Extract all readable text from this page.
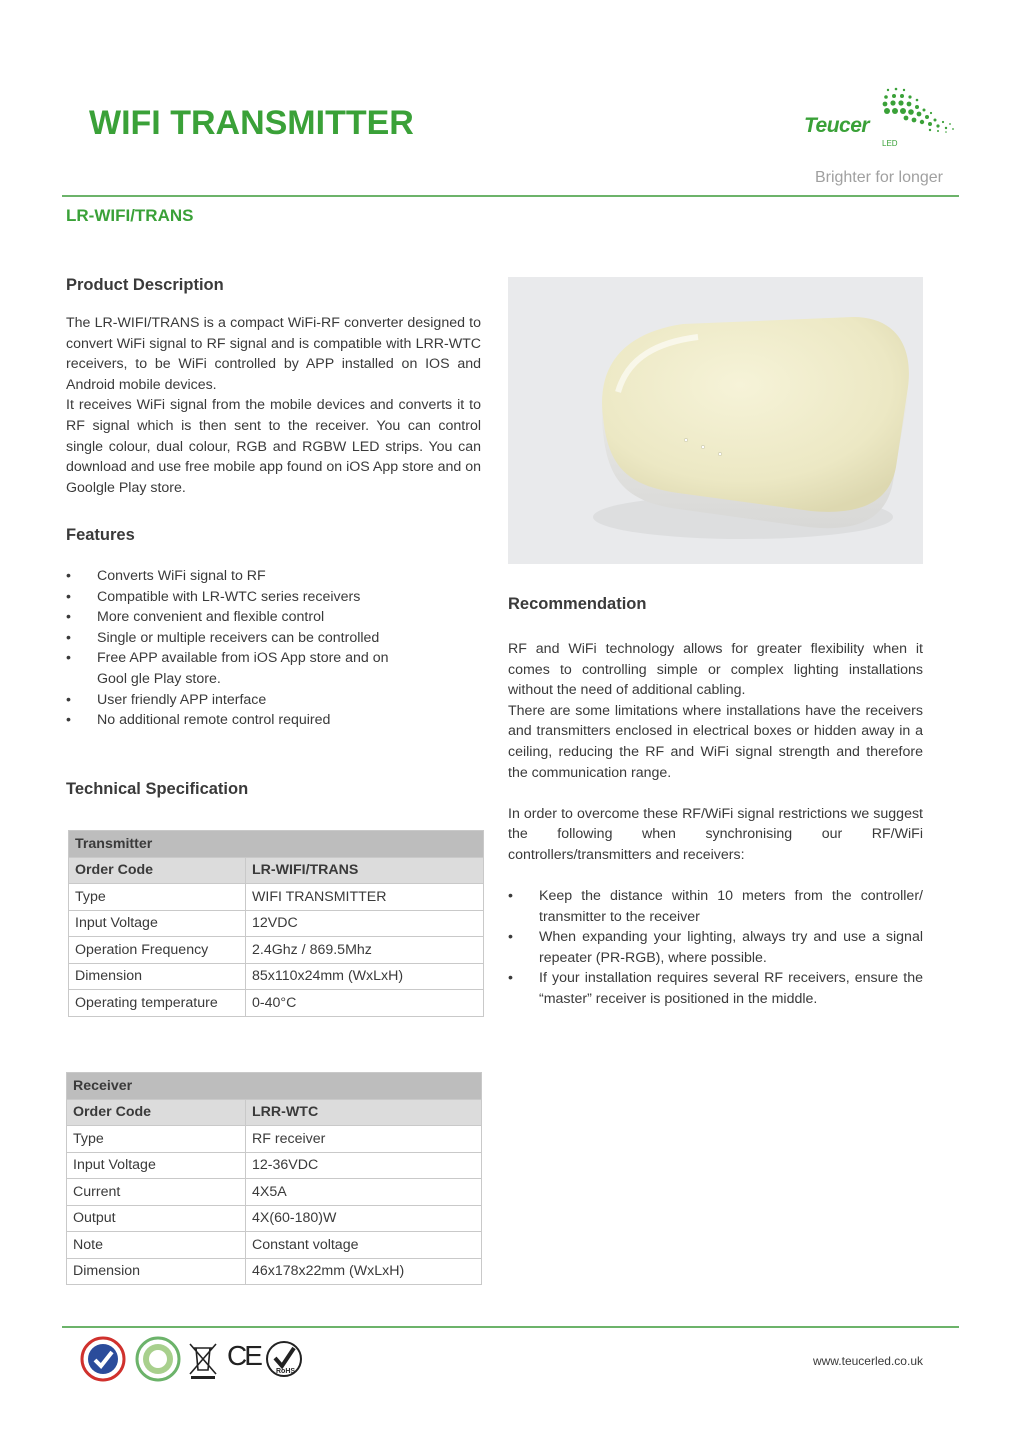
WIFI TRANSMITTER	Teucer
LED
Brighter for longer
LR-WIFI/TRANS
Product Description

The LR-WIFI/TRANS is a compact WiFi-RF converter designed to convert WiFi signal to RF signal and is compatible with LRR-WTC receivers, to be WiFi controlled by APP installed on IOS and Android mobile devices.

It receives WiFi signal from the mobile devices and converts it to RF signal which is then sent to the receiver. You can control single colour, dual colour, RGB and RGBW LED strips. You can download and use free mobile app found on iOS App store and on Goolgle Play store.

Features
• Converts WiFi signal to RF
• Compatible with LR-WTC series receivers
• More convenient and flexible control
• Single or multiple receivers can be controlled
• Free APP available from iOS App store and on Gool gle Play store.
• User friendly APP interface
• No additional remote control required
Technical Specification
Transmitter	
Order Code	LR-WIFI/TRANS
Type	WIFI TRANSMITTER
Input Voltage	12VDC
Operation Frequency	2.4Ghz / 869.5Mhz
Dimension	85x110x24mm (WxLxH)
Operating temperature	0-40°C
Receiver	
Order Code	LRR-WTC
Type	RF receiver
Input Voltage	12-36VDC
Current	4X5A
Output	4X(60-180)W
Note	Constant voltage
Dimension	46x178x22mm (WxLxH)
Recommendation

RF and WiFi technology allows for greater flexibility when it comes to controlling simple or complex lighting installations without the need of additional cabling.

There are some limitations where installations have the receivers and transmitters enclosed in electrical boxes or hidden away in a ceiling, reducing the RF and WiFi signal strength and therefore the communication range.

In order to overcome these RF/WiFi signal restrictions we suggest the following when synchronising our RF/WiFi controllers/transmitters and receivers:

• Keep the distance within 10 meters from the controller/ transmitter to the receiver
• When expanding your lighting, always try and use a signal repeater (PR-RGB), where possible.
• If your installation requires several RF receivers, ensure the “master” receiver is positioned in the middle.
CE
RoHS
www.teucerled.co.uk
